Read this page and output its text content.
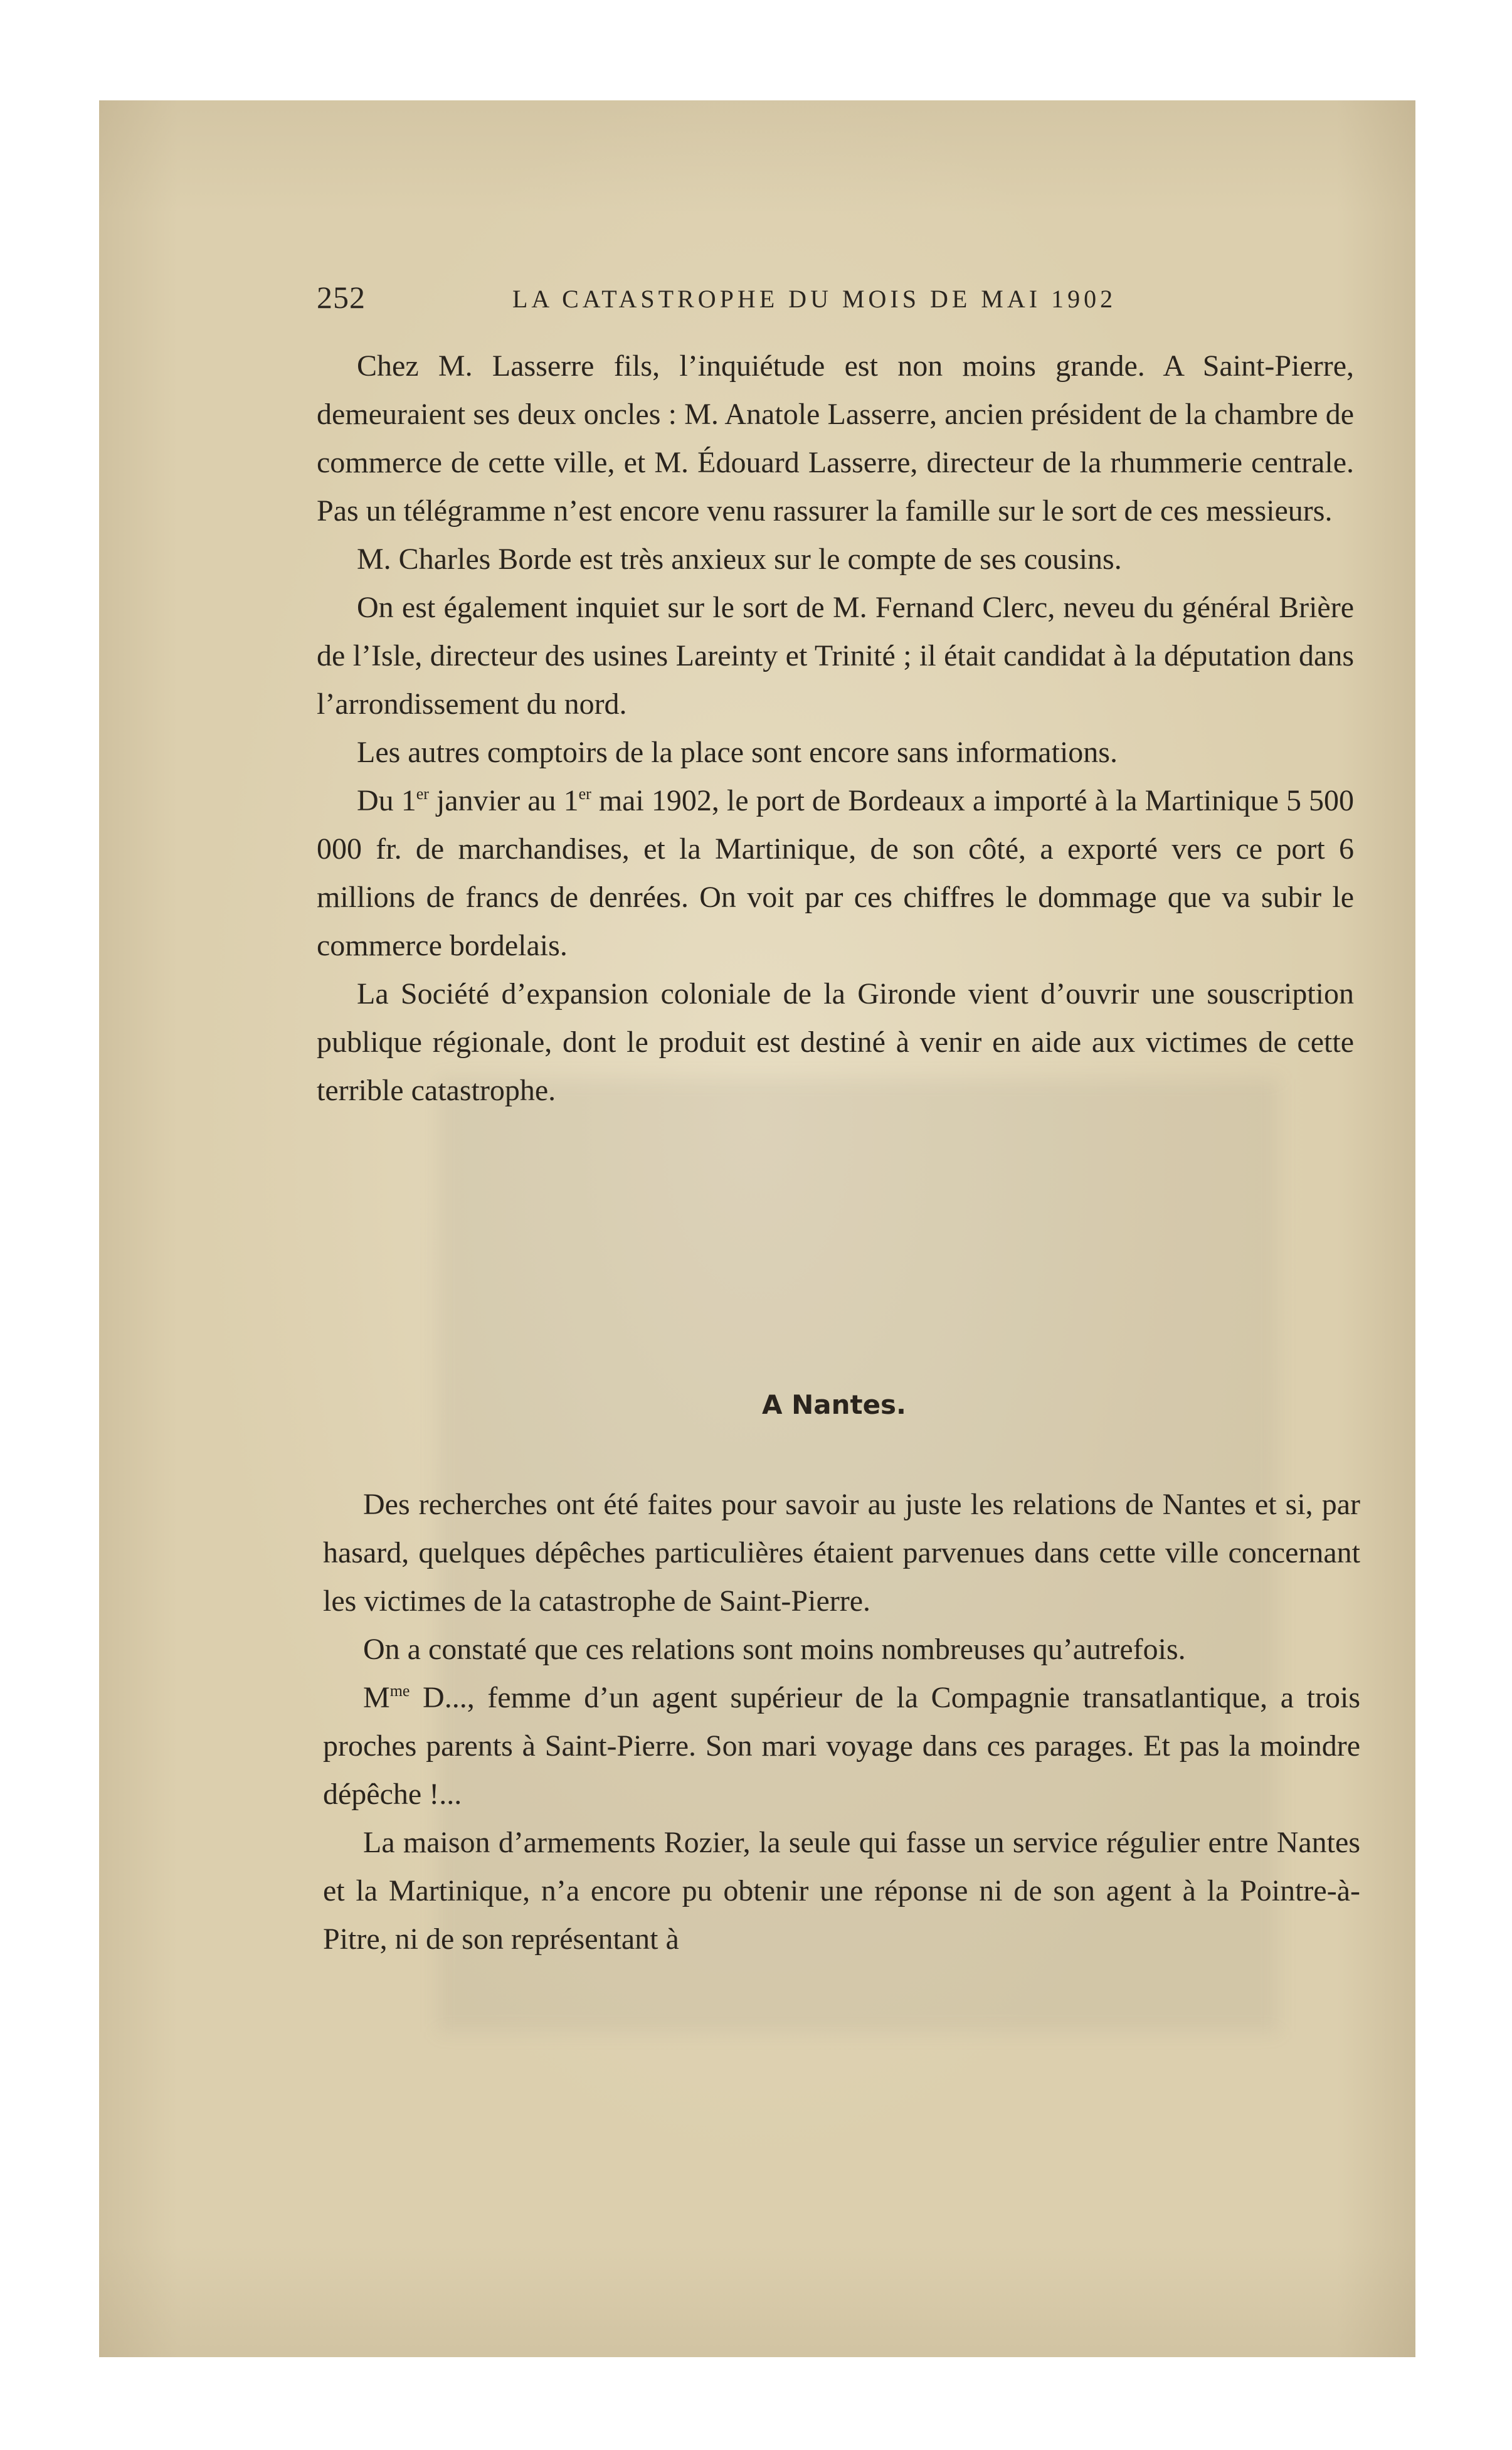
252	LA CATASTROPHE DU MOIS DE MAI 1902

Chez M. Lasserre fils, l’inquiétude est non moins grande. A Saint-Pierre, demeuraient ses deux oncles : M. Anatole Lasserre, ancien président de la chambre de commerce de cette ville, et M. Édouard Lasserre, directeur de la rhummerie centrale. Pas un télégramme n’est encore venu rassurer la famille sur le sort de ces messieurs.

M. Charles Borde est très anxieux sur le compte de ses cousins.

On est également inquiet sur le sort de M. Fernand Clerc, neveu du général Brière de l’Isle, directeur des usines Lareinty et Trinité ; il était candidat à la députation dans l’arrondissement du nord.

Les autres comptoirs de la place sont encore sans informations.

Du 1er janvier au 1er mai 1902, le port de Bordeaux a importé à la Martinique 5 500 000 fr. de marchandises, et la Martinique, de son côté, a exporté vers ce port 6 millions de francs de denrées. On voit par ces chiffres le dommage que va subir le commerce bordelais.

La Société d’expansion coloniale de la Gironde vient d’ouvrir une souscription publique régionale, dont le produit est destiné à venir en aide aux victimes de cette terrible catastrophe.

A Nantes.

Des recherches ont été faites pour savoir au juste les relations de Nantes et si, par hasard, quelques dépêches particulières étaient parvenues dans cette ville concernant les victimes de la catastrophe de Saint-Pierre.

On a constaté que ces relations sont moins nombreuses qu’autrefois.

$M^{me}$ D..., femme d’un agent supérieur de la Compagnie transatlantique, a trois proches parents à Saint-Pierre. Son mari voyage dans ces parages. Et pas la moindre dépêche !...

La maison d’armements Rozier, la seule qui fasse un service régulier entre Nantes et la Martinique, n’a encore pu obtenir une réponse ni de son agent à la Pointre-à-Pitre, ni de son représentant à
